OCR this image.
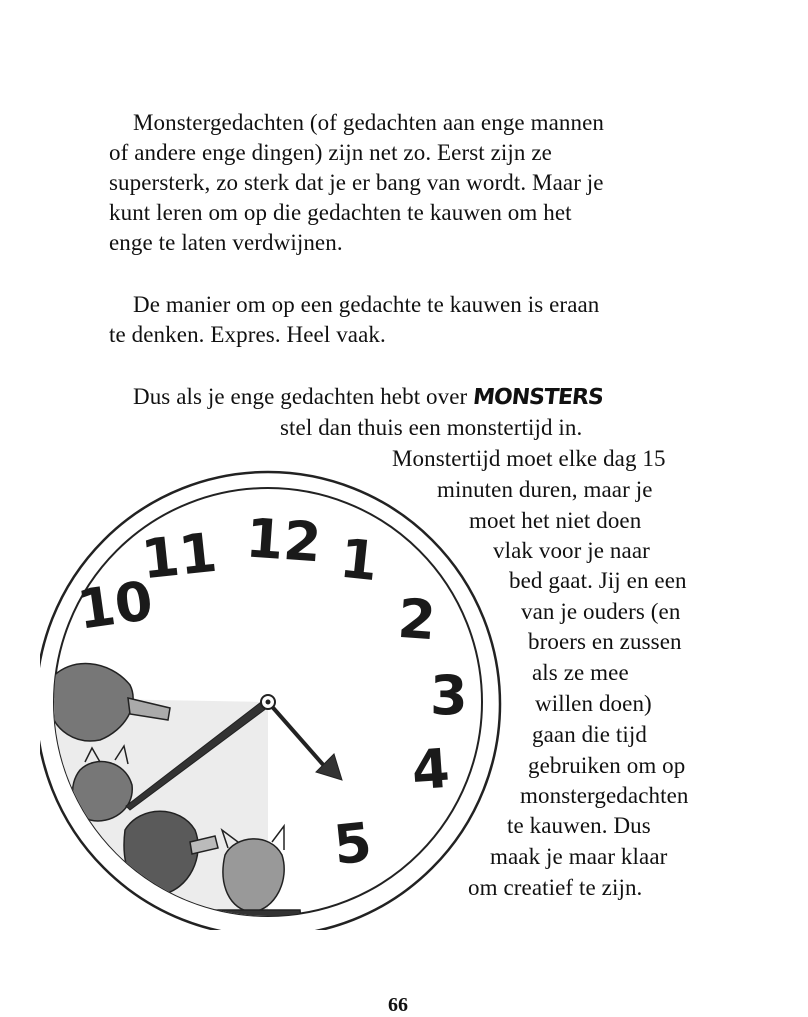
Monstergedachten (of gedachten aan enge mannen
of andere enge dingen) zijn net zo. Eerst zijn ze
supersterk, zo sterk dat je er bang van wordt. Maar je
kunt leren om op die gedachten te kauwen om het
enge te laten verdwijnen.
De manier om op een gedachte te kauwen is eraan
te denken. Expres. Heel vaak.
Dus als je enge gedachten hebt over MONSTERS
stel dan thuis een monstertijd in.
Monstertijd moet elke dag 15
minuten duren, maar je
moet het niet doen
vlak voor je naar
bed gaat. Jij en een
van je ouders (en
broers en zussen
als ze mee
willen doen)
gaan die tijd
gebruiken om op
monstergedachten
te kauwen. Dus
maak je maar klaar
om creatief te zijn.
10
11 12 1
2
3
4
5
66
